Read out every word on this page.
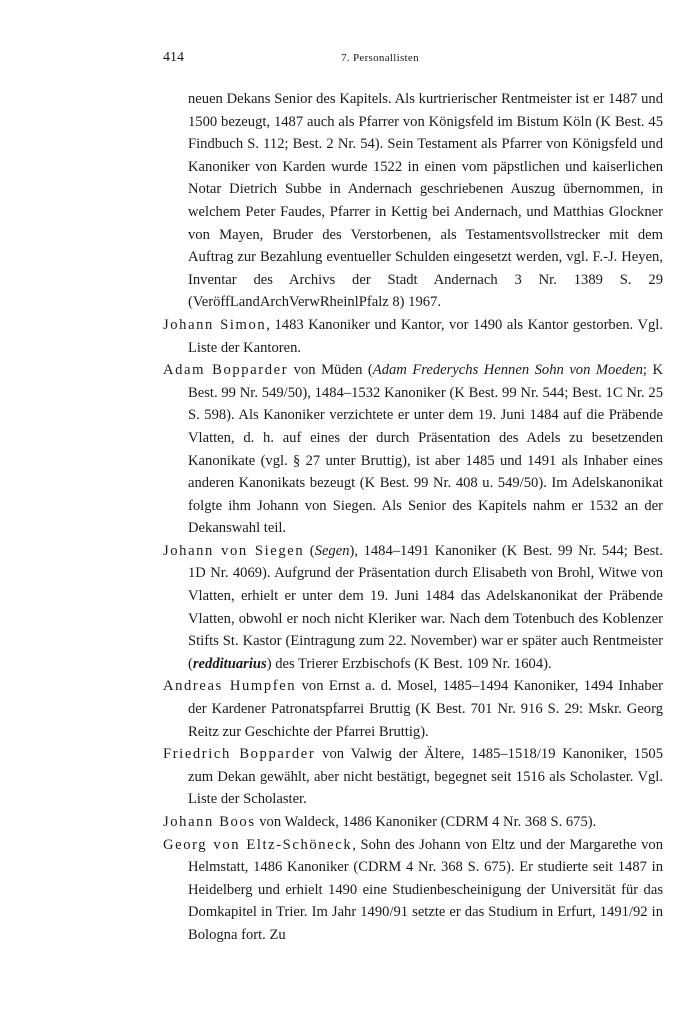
414	7. Personallisten

neuen Dekans Senior des Kapitels. Als kurtrierischer Rentmeister ist er 1487 und 1500 bezeugt, 1487 auch als Pfarrer von Königsfeld im Bistum Köln (K Best. 45 Findbuch S. 112; Best. 2 Nr. 54). Sein Testament als Pfarrer von Königsfeld und Kanoniker von Karden wurde 1522 in einen vom päpstlichen und kaiserlichen Notar Dietrich Subbe in Andernach geschriebenen Auszug übernommen, in welchem Peter Faudes, Pfarrer in Kettig bei Andernach, und Matthias Glockner von Mayen, Bruder des Verstorbenen, als Testamentsvollstrecker mit dem Auftrag zur Bezahlung eventueller Schulden eingesetzt werden, vgl. F.-J. Heyen, Inventar des Archivs der Stadt Andernach 3 Nr. 1389 S. 29 (VeröffLandArchVerwRheinlPfalz 8) 1967.

Johann Simon, 1483 Kanoniker und Kantor, vor 1490 als Kantor gestorben. Vgl. Liste der Kantoren.

Adam Bopparder von Müden (Adam Frederychs Hennen Sohn von Moeden; K Best. 99 Nr. 549/50), 1484–1532 Kanoniker (K Best. 99 Nr. 544; Best. 1C Nr. 25 S. 598). Als Kanoniker verzichtete er unter dem 19. Juni 1484 auf die Präbende Vlatten, d. h. auf eines der durch Präsentation des Adels zu besetzenden Kanonikate (vgl. § 27 unter Bruttig), ist aber 1485 und 1491 als Inhaber eines anderen Kanonikats bezeugt (K Best. 99 Nr. 408 u. 549/50). Im Adelskanonikat folgte ihm Johann von Siegen. Als Senior des Kapitels nahm er 1532 an der Dekanswahl teil.

Johann von Siegen (Segen), 1484–1491 Kanoniker (K Best. 99 Nr. 544; Best. 1D Nr. 4069). Aufgrund der Präsentation durch Elisabeth von Brohl, Witwe von Vlatten, erhielt er unter dem 19. Juni 1484 das Adelskanonikat der Präbende Vlatten, obwohl er noch nicht Kleriker war. Nach dem Totenbuch des Koblenzer Stifts St. Kastor (Eintragung zum 22. November) war er später auch Rentmeister (reddituarius) des Trierer Erzbischofs (K Best. 109 Nr. 1604).

Andreas Humpfen von Ernst a. d. Mosel, 1485–1494 Kanoniker, 1494 Inhaber der Kardener Patronatspfarrei Bruttig (K Best. 701 Nr. 916 S. 29: Mskr. Georg Reitz zur Geschichte der Pfarrei Bruttig).

Friedrich Bopparder von Valwig der Ältere, 1485–1518/19 Kanoniker, 1505 zum Dekan gewählt, aber nicht bestätigt, begegnet seit 1516 als Scholaster. Vgl. Liste der Scholaster.

Johann Boos von Waldeck, 1486 Kanoniker (CDRM 4 Nr. 368 S. 675).

Georg von Eltz-Schöneck, Sohn des Johann von Eltz und der Margarethe von Helmstatt, 1486 Kanoniker (CDRM 4 Nr. 368 S. 675). Er studierte seit 1487 in Heidelberg und erhielt 1490 eine Studienbescheinigung der Universität für das Domkapitel in Trier. Im Jahr 1490/91 setzte er das Studium in Erfurt, 1491/92 in Bologna fort. Zu
